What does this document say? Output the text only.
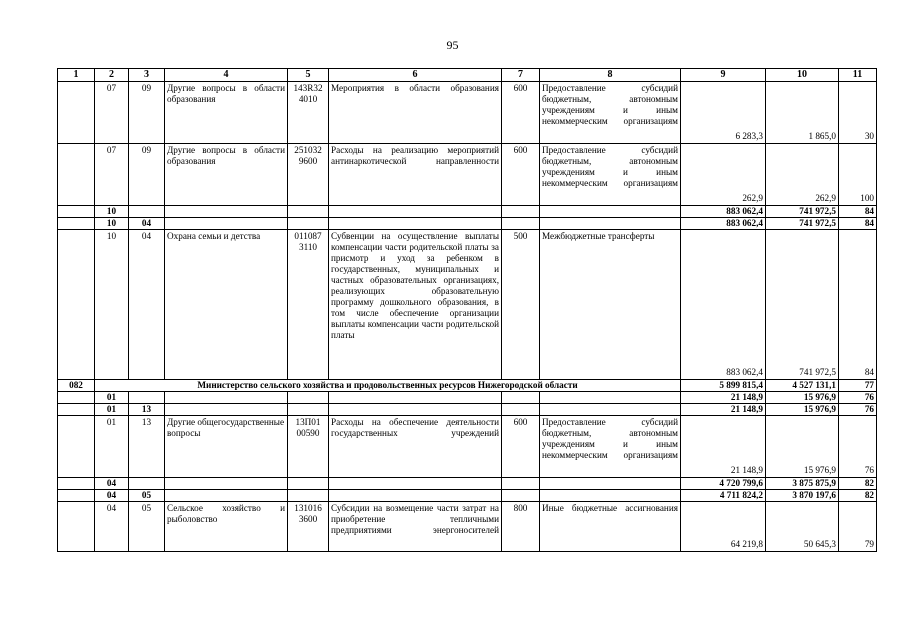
95
1	2	3	4	5	6	7	8	9	10	11
	07	09	Другие вопросы в области образования	143R32 4010	Мероприятия в области образования	600	Предоставление субсидий бюджетным, автономным учреждениям и иным некоммерческим организациям	6 283,3	1 865,0	30
	07	09	Другие вопросы в области образования	251032 9600	Расходы на реализацию мероприятий антинаркотической направленности	600	Предоставление субсидий бюджетным, автономным учреждениям и иным некоммерческим организациям	262,9	262,9	100
	10							883 062,4	741 972,5	84
	10	04						883 062,4	741 972,5	84
	10	04	Охрана семьи и детства	011087 3110	Субвенции на осуществление выплаты компенсации части родительской платы за присмотр и уход за ребенком в государственных, муниципальных и частных образовательных организациях, реализующих образовательную программу дошкольного образования, в том числе обеспечение организации выплаты компенсации части родительской платы	500	Межбюджетные трансферты	883 062,4	741 972,5	84
082	Министерство сельского хозяйства и продовольственных ресурсов Нижегородской области							5 899 815,4	4 527 131,1	77
	01							21 148,9	15 976,9	76
	01	13						21 148,9	15 976,9	76
	01	13	Другие общегосударственные вопросы	13П01 00590	Расходы на обеспечение деятельности государственных учреждений	600	Предоставление субсидий бюджетным, автономным учреждениям и иным некоммерческим организациям	21 148,9	15 976,9	76
	04							4 720 799,6	3 875 875,9	82
	04	05						4 711 824,2	3 870 197,6	82
	04	05	Сельское хозяйство и рыболовство	131016 3600	Субсидии на возмещение части затрат на приобретение тепличными предприятиями энергоносителей	800	Иные бюджетные ассигнования	64 219,8	50 645,3	79
